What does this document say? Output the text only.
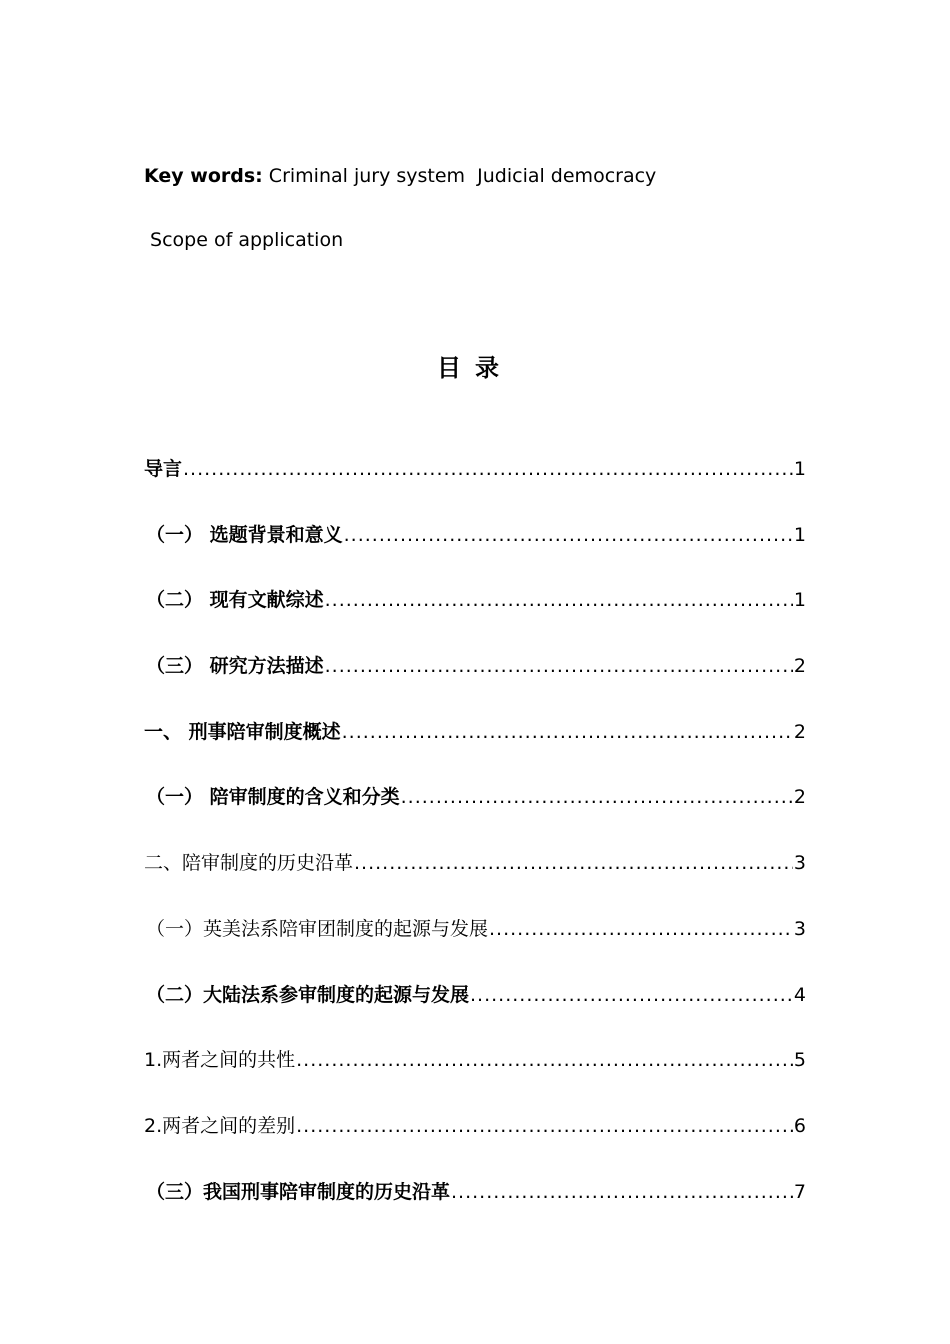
Key words: Criminal jury system  Judicial democracy
Scope of application
目录
导言 .....	1
（一） 选题背景和意义 .....	1
（二） 现有文献综述 .....	1
（三） 研究方法描述 .....	2
一、 刑事陪审制度概述 .....	2
（一） 陪审制度的含义和分类 .....	2
二、陪审制度的历史沿革 .....	3
（一）英美法系陪审团制度的起源与发展 .....	3
（二）大陆法系参审制度的起源与发展 .....	4
1.两者之间的共性 .....	5
2.两者之间的差别 .....	6
（三）我国刑事陪审制度的历史沿革 .....	7
